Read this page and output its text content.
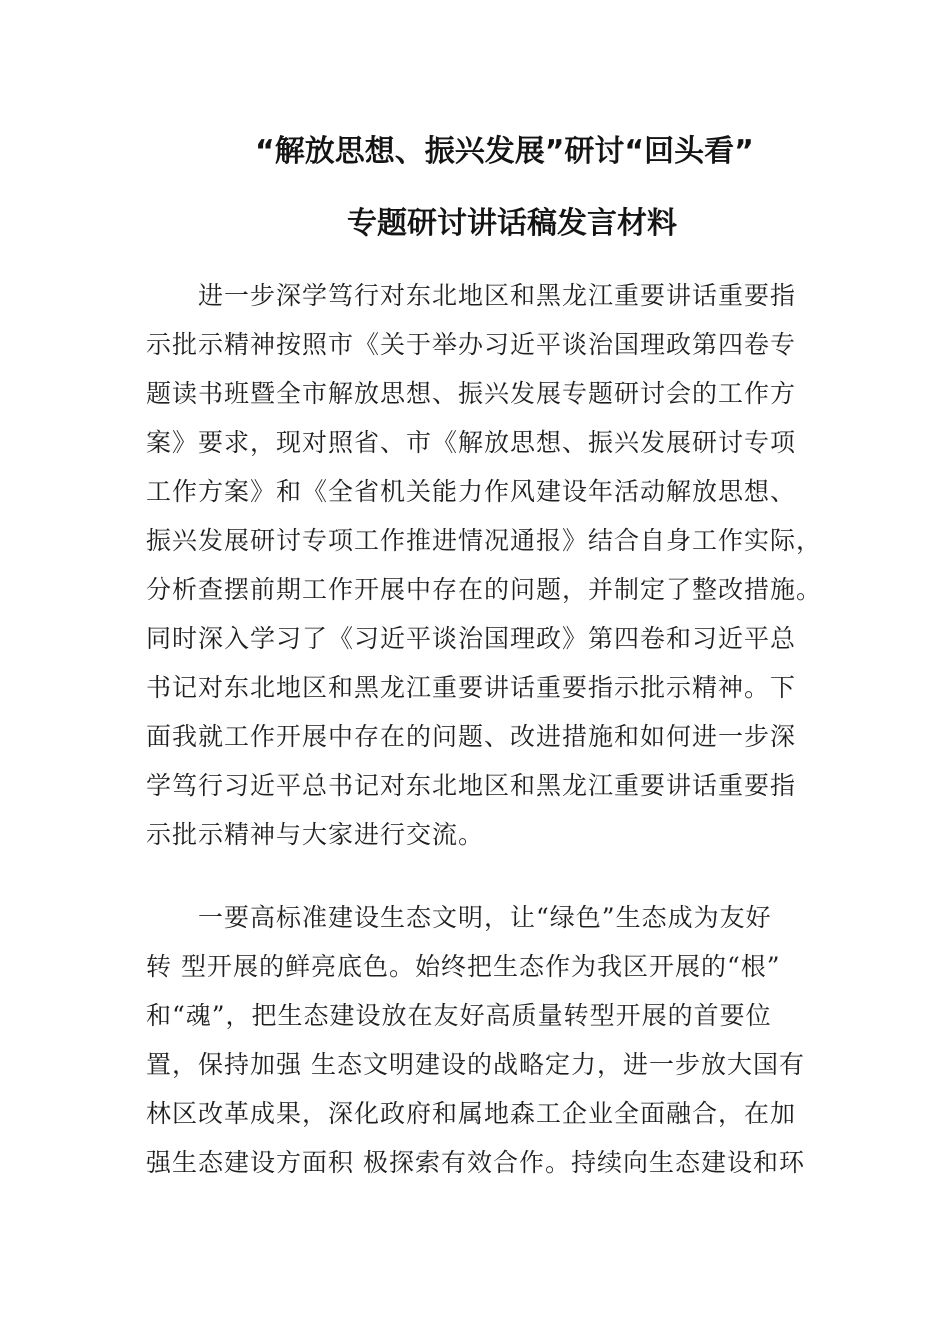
“解放思想、振兴发展”研讨“回头看”
专题研讨讲话稿发言材料
进一步深学笃行对东北地区和黑龙江重要讲话重要指
示批示精神按照市《关于举办习近平谈治国理政第四卷专
题读书班暨全市解放思想、振兴发展专题研讨会的工作方
案》要求，现对照省、市《解放思想、振兴发展研讨专项
工作方案》和《全省机关能力作风建设年活动解放思想、
振兴发展研讨专项工作推进情况通报》结合自身工作实际，
分析查摆前期工作开展中存在的问题，并制定了整改措施。
同时深入学习了《习近平谈治国理政》第四卷和习近平总
书记对东北地区和黑龙江重要讲话重要指示批示精神。下
面我就工作开展中存在的问题、改进措施和如何进一步深
学笃行习近平总书记对东北地区和黑龙江重要讲话重要指
示批示精神与大家进行交流。
一要高标准建设生态文明，让“绿色”生态成为友好
转 型开展的鲜亮底色。始终把生态作为我区开展的“根”
和“魂”，把生态建设放在友好高质量转型开展的首要位
置，保持加强 生态文明建设的战略定力，进一步放大国有
林区改革成果，深化政府和属地森工企业全面融合，在加
强生态建设方面积 极探索有效合作。持续向生态建设和环
